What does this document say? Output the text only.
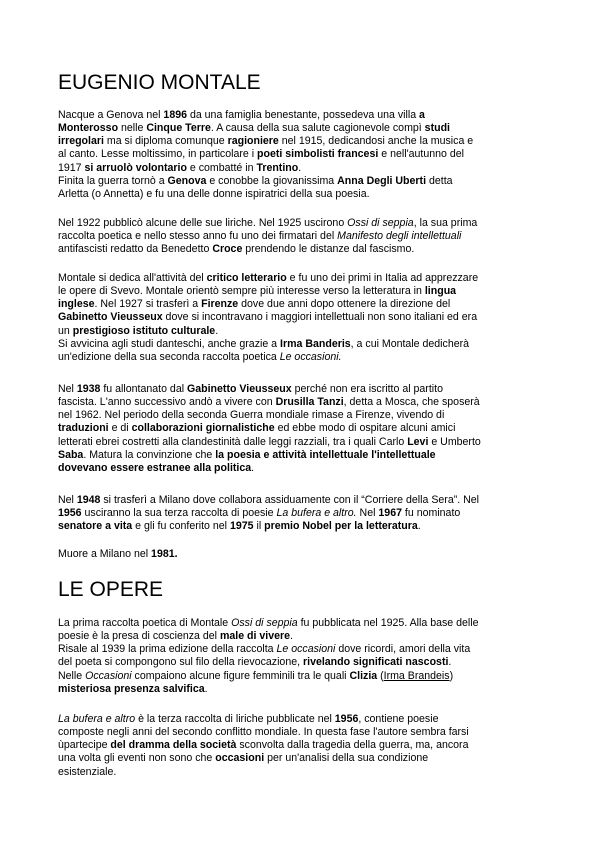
EUGENIO MONTALE

Nacque a Genova nel 1896 da una famiglia benestante, possedeva una villa a
Monterosso nelle Cinque Terre. A causa della sua salute cagionevole compì studi
irregolari ma si diploma comunque ragioniere nel 1915, dedicandosi anche la musica e
al canto. Lesse moltissimo, in particolare i poeti simbolisti francesi e nell'autunno del
1917 si arruolò volontario e combatté in Trentino.
Finita la guerra tornò a Genova e conobbe la giovanissima Anna Degli Uberti detta
Arletta (o Annetta) e fu una delle donne ispiratrici della sua poesia.

Nel 1922 pubblicò alcune delle sue liriche. Nel 1925 uscirono Ossi di seppia, la sua prima
raccolta poetica e nello stesso anno fu uno dei firmatari del Manifesto degli intellettuali
antifascisti redatto da Benedetto Croce prendendo le distanze dal fascismo.

Montale si dedica all'attività del critico letterario e fu uno dei primi in Italia ad apprezzare
le opere di Svevo. Montale orientò sempre più interesse verso la letteratura in lingua
inglese. Nel 1927 si trasferì a Firenze dove due anni dopo ottenere la direzione del
Gabinetto Vieusseux dove si incontravano i maggiori intellettuali non sono italiani ed era
un prestigioso istituto culturale.
Si avvicina agli studi danteschi, anche grazie a Irma Banderis, a cui Montale dedicherà
un'edizione della sua seconda raccolta poetica Le occasioni.

Nel 1938 fu allontanato dal Gabinetto Vieusseux perché non era iscritto al partito
fascista. L'anno successivo andò a vivere con Drusilla Tanzi, detta a Mosca, che sposerà
nel 1962. Nel periodo della seconda Guerra mondiale rimase a Firenze, vivendo di
traduzioni e di collaborazioni giornalistiche ed ebbe modo di ospitare alcuni amici
letterati ebrei costretti alla clandestinità dalle leggi razziali, tra i quali Carlo Levi e Umberto
Saba. Matura la convinzione che la poesia e attività intellettuale l'intellettuale
dovevano essere estranee alla politica.

Nel 1948 si trasferì a Milano dove collabora assiduamente con il “Corriere della Sera”. Nel
1956 usciranno la sua terza raccolta di poesie La bufera e altro. Nel 1967 fu nominato
senatore a vita e gli fu conferito nel 1975 il premio Nobel per la letteratura.

Muore a Milano nel 1981.

LE OPERE

La prima raccolta poetica di Montale Ossi di seppia fu pubblicata nel 1925. Alla base delle
poesie è la presa di coscienza del male di vivere.
Risale al 1939 la prima edizione della raccolta Le occasioni dove ricordi, amori della vita
del poeta si compongono sul filo della rievocazione, rivelando significati nascosti.
Nelle Occasioni compaiono alcune figure femminili tra le quali Clizia (Irma Brandeis)
misteriosa presenza salvifica.

La bufera e altro è la terza raccolta di liriche pubblicate nel 1956, contiene poesie
composte negli anni del secondo conflitto mondiale. In questa fase l'autore sembra farsi
ùpartecipe del dramma della società sconvolta dalla tragedia della guerra, ma, ancora
una volta gli eventi non sono che occasioni per un'analisi della sua condizione
esistenziale.
